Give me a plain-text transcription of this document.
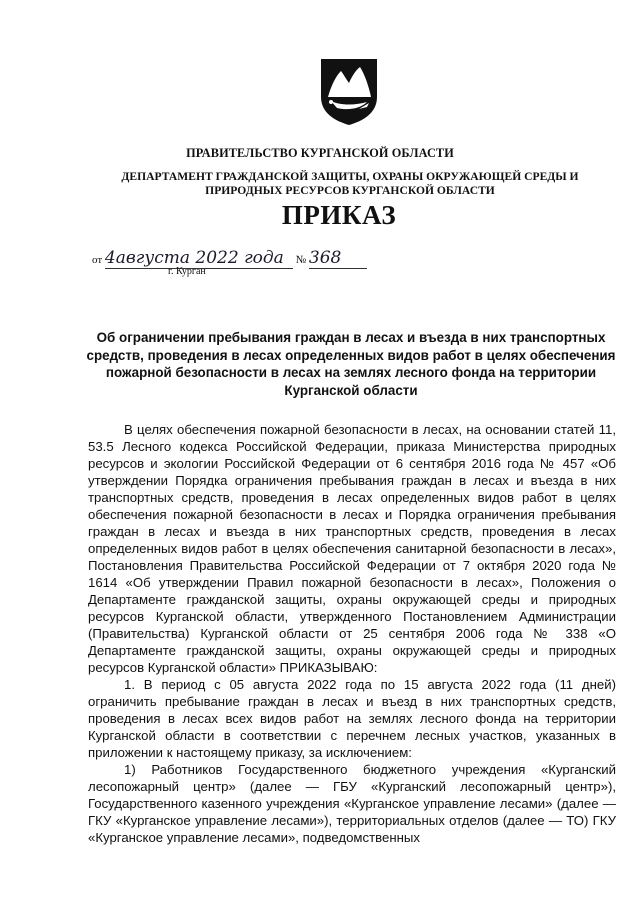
ПРАВИТЕЛЬСТВО КУРГАНСКОЙ ОБЛАСТИ
ДЕПАРТАМЕНТ ГРАЖДАНСКОЙ ЗАЩИТЫ, ОХРАНЫ ОКРУЖАЮЩЕЙ СРЕДЫ И
ПРИРОДНЫХ РЕСУРСОВ КУРГАНСКОЙ ОБЛАСТИ
ПРИКАЗ
от 4августа 2022 года № 368
г. Курган
Об ограничении пребывания граждан в лесах и въезда в них транспортных средств, проведения в лесах определенных видов работ в целях обеспечения пожарной безопасности в лесах на землях лесного фонда на территории Курганской области

В целях обеспечения пожарной безопасности в лесах, на основании статей 11, 53.5 Лесного кодекса Российской Федерации, приказа Министерства природных ресурсов и экологии Российской Федерации от 6 сентября 2016 года № 457 «Об утверждении Порядка ограничения пребывания граждан в лесах и въезда в них транспортных средств, проведения в лесах определенных видов работ в целях обеспечения пожарной безопасности в лесах и Порядка ограничения пребывания граждан в лесах и въезда в них транспортных средств, проведения в лесах определенных видов работ в целях обеспечения санитарной безопасности в лесах», Постановления Правительства Российской Федерации от 7 октября 2020 года № 1614 «Об утверждении Правил пожарной безопасности в лесах», Положения о Департаменте гражданской защиты, охраны окружающей среды и природных ресурсов Курганской области, утвержденного Постановлением Администрации (Правительства) Курганской области от 25 сентября 2006 года № 338 «О Департаменте гражданской защиты, охраны окружающей среды и природных ресурсов Курганской области» ПРИКАЗЫВАЮ:

1. В период с 05 августа 2022 года по 15 августа 2022 года (11 дней) ограничить пребывание граждан в лесах и въезд в них транспортных средств, проведения в лесах всех видов работ на землях лесного фонда на территории Курганской области в соответствии с перечнем лесных участков, указанных в приложении к настоящему приказу, за исключением:

1) Работников Государственного бюджетного учреждения «Курганский лесопожарный центр» (далее — ГБУ «Курганский лесопожарный центр»), Государственного казенного учреждения «Курганское управление лесами» (далее — ГКУ «Курганское управление лесами»), территориальных отделов (далее — ТО) ГКУ «Курганское управление лесами», подведомственных
